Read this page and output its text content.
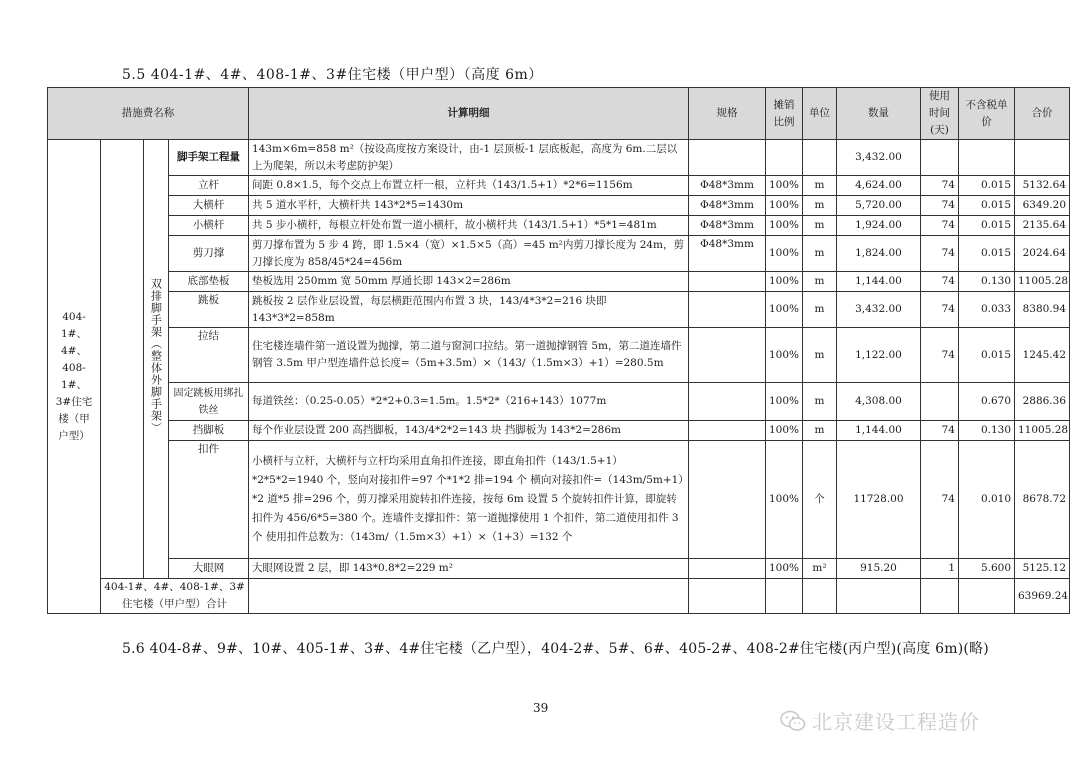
5.5 404-1#、4#、408-1#、3#住宅楼（甲户型）（高度 6m）
措施费名称				计算明细	规格	摊销比例	单位	数量	使用时间(天)	不含税单价	合价
404-1#、4#、408-1#、3#住宅楼（甲户型）		双排脚手架（整体外脚手架）	脚手架工程量	143m×6m=858 m²（按设高度按方案设计，由-1 层顶板-1 层底板起，高度为 6m.二层以上为爬架，所以未考虑防护架）				3,432.00			
			立杆	间距 0.8×1.5，每个交点上布置立杆一根，立杆共（143/1.5+1）*2*6=1156m	Φ48*3mm	100%	m	4,624.00	74	0.015	5132.64
			大横杆	共 5 道水平杆，大横杆共 143*2*5=1430m	Φ48*3mm	100%	m	5,720.00	74	0.015	6349.20
			小横杆	共 5 步小横杆，每根立杆处布置一道小横杆，故小横杆共（143/1.5+1）*5*1=481m	Φ48*3mm	100%	m	1,924.00	74	0.015	2135.64
			剪刀撑	剪刀撑布置为 5 步 4 跨，即 1.5×4（宽）×1.5×5（高）=45 m²内剪刀撑长度为 24m，剪刀撑长度为 858/45*24=456m	Φ48*3mm	100%	m	1,824.00	74	0.015	2024.64
			底部垫板	垫板选用 250mm 宽 50mm 厚通长即 143×2=286m		100%	m	1,144.00	74	0.130	11005.28
			跳板	跳板按 2 层作业层设置，每层横距范围内布置 3 块，143/4*3*2=216 块即 143*3*2=858m		100%	m	3,432.00	74	0.033	8380.94
			拉结	住宅楼连墙件第一道设置为抛撑，第二道与窗洞口拉结。第一道抛撑钢管 5m，第二道连墙件钢管 3.5m 甲户型连墙件总长度=（5m+3.5m）×（143/（1.5m×3）+1）=280.5m		100%	m	1,122.00	74	0.015	1245.42
			固定跳板用绑扎铁丝	每道铁丝：（0.25-0.05）*2*2+0.3=1.5m。1.5*2*（216+143）1077m		100%	m	4,308.00		0.670	2886.36
			挡脚板	每个作业层设置 200 高挡脚板，143/4*2*2=143 块 挡脚板为 143*2=286m		100%	m	1,144.00	74	0.130	11005.28
			扣件	小横杆与立杆，大横杆与立杆均采用直角扣件连接，即直角扣件（143/1.5+1）*2*5*2=1940 个，竖向对接扣件=97 个*1*2 排=194 个 横向对接扣件=（143m/5m+1）*2 道*5 排=296 个，剪刀撑采用旋转扣件连接，按每 6m 设置 5 个旋转扣件计算，即旋转扣件为 456/6*5=380 个。连墙件支撑扣件：第一道抛撑使用 1 个扣件，第二道使用扣件 3 个 使用扣件总数为：（143m/（1.5m×3）+1）×（1+3）=132 个		100%	个	11728.00	74	0.010	8678.72
			大眼网	大眼网设置 2 层，即 143*0.8*2=229 m²		100%	m²	915.20	1	5.600	5125.12
	404-1#、4#、408-1#、3#住宅楼（甲户型）合计										63969.24
5.6 404-8#、9#、10#、405-1#、3#、4#住宅楼（乙户型），404-2#、5#、6#、405-2#、408-2#住宅楼(丙户型)(高度 6m)(略)
39
北京建设工程造价
